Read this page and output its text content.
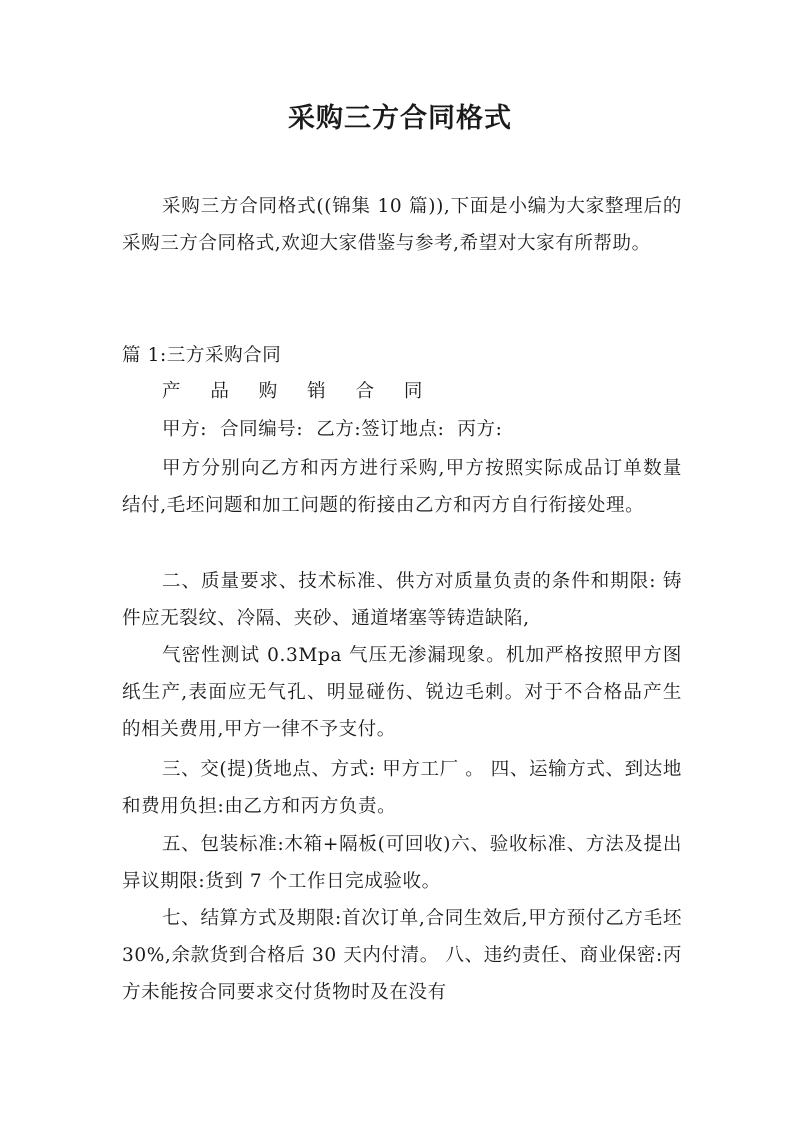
采购三方合同格式

采购三方合同格式((锦集 10 篇)),下面是小编为大家整理后的采购三方合同格式,欢迎大家借鉴与参考,希望对大家有所帮助。

篇 1:三方采购合同
产 品 购 销 合 同
甲方:  合同编号:  乙方:签订地点:  丙方:

甲方分别向乙方和丙方进行采购,甲方按照实际成品订单数量结付,毛坯问题和加工问题的衔接由乙方和丙方自行衔接处理。

二、质量要求、技术标准、供方对质量负责的条件和期限: 铸件应无裂纹、冷隔、夹砂、通道堵塞等铸造缺陷,

气密性测试 0.3Mpa 气压无渗漏现象。机加严格按照甲方图纸生产,表面应无气孔、明显碰伤、锐边毛刺。对于不合格品产生的相关费用,甲方一律不予支付。

三、交(提)货地点、方式: 甲方工厂 。 四、运输方式、到达地和费用负担:由乙方和丙方负责。

五、包装标准:木箱+隔板(可回收)六、验收标准、方法及提出异议期限:货到 7 个工作日完成验收。

七、结算方式及期限:首次订单,合同生效后,甲方预付乙方毛坯 30%,余款货到合格后 30 天内付清。 八、违约责任、商业保密:丙方未能按合同要求交付货物时及在没有
